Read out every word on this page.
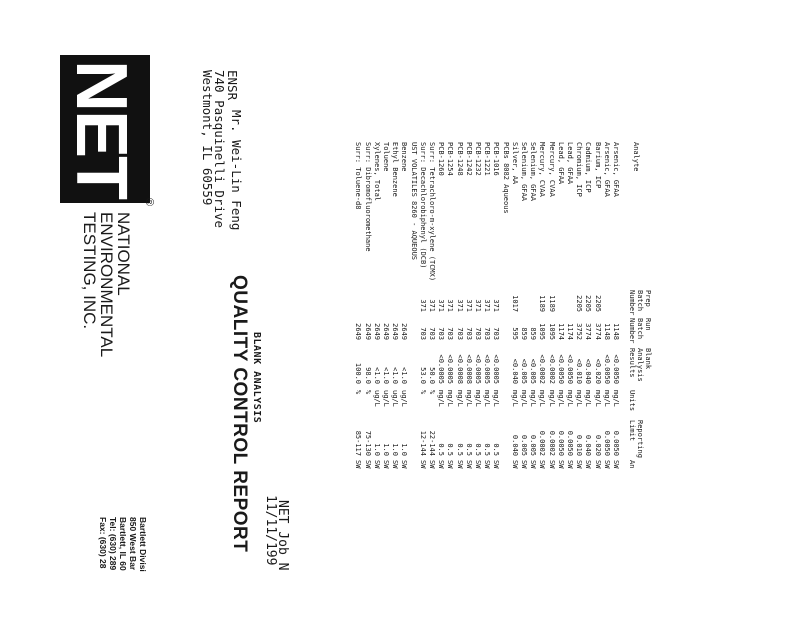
NET
®
NATIONAL
ENVIRONMENTAL
TESTING, INC.
Bartlett Divisi
850 West Bar
Bartlett, IL 60
Tel: (630) 289
Fax: (630) 28	QUALITY CONTROL REPORT BLANK ANALYSIS
11/11/199
NET Job N
ENSR
740 Pasquinelli Drive
Westmont, IL 60559 Mr. Wei-Lin Feng	Analyte
Prep
Batch
Number
Run
Batch
Number
Blank
Analysis
Results
Units
Reporting
Limit
An
Arsenic, GFAA
1148
<0.0050
mg/L
0.0050
SW
Arsenic, GFAA
1148
<0.0050
mg/L
0.0050
SW
Barium, ICP
2205
3774
<0.020
mg/L
0.020
SW
Cadmium, ICP
2205
3774
<0.040
mg/L
0.040
SW
Chromium, ICP
2205
3752
<0.010
mg/L
0.010
SW
Lead, GFAA
1174
<0.0050
mg/L
0.0050
SW
Lead, GFAA
1174
<0.0050
mg/L
0.0050
SW
Mercury, CVAA
1189
1095
<0.0002
mg/L
0.0002
SW
Mercury, CVAA
1189
1095
<0.0002
mg/L
0.0002
SW
Selenium, GFAA
859
<0.005
mg/L
0.005
SW
Selenium, GFAA
859
<0.005
mg/L
0.005
SW
Silver, AA
1017
595
<0.040
mg/L
0.040
SW
PCBs 8082 Aqueous
PCB-1016
371
703
<0.0005
mg/L
0.5
SW
PCB-1221
371
703
<0.0005
mg/L
0.5
SW
PCB-1232
371
703
<0.0005
mg/L
0.5
SW
PCB-1242
371
703
<0.0008
mg/L
0.5
SW
PCB-1248
371
703
<0.0008
mg/L
0.5
SW
PCB-1254
371
703
<0.0005
mg/L
0.5
SW
PCB-1260
371
703
<0.0005
mg/L
0.5
SW
Surr: Tetrachloro-m-xylene (TCMX)
371
703
50.0
%
22-144
SW
Surr: Decachlorobiphenyl (DCB)
371
703
53.0
%
12-144
SW
UST VOLATILES 8260 - AQUEOUS
Benzene
2649
<1.0
ug/L
1.0
SW
Ethyl Benzene
2649
<1.0
ug/L
1.0
SW
Toluene
2649
<1.0
ug/L
1.0
SW
Xylenes, Total
2649
<1.0
ug/L
1.0
SW
Surr: Dibromofluoromethane
2649
98.0
%
75-130
SW
Surr: Toluene-d8
2649
100.0
%
85-117
SW
